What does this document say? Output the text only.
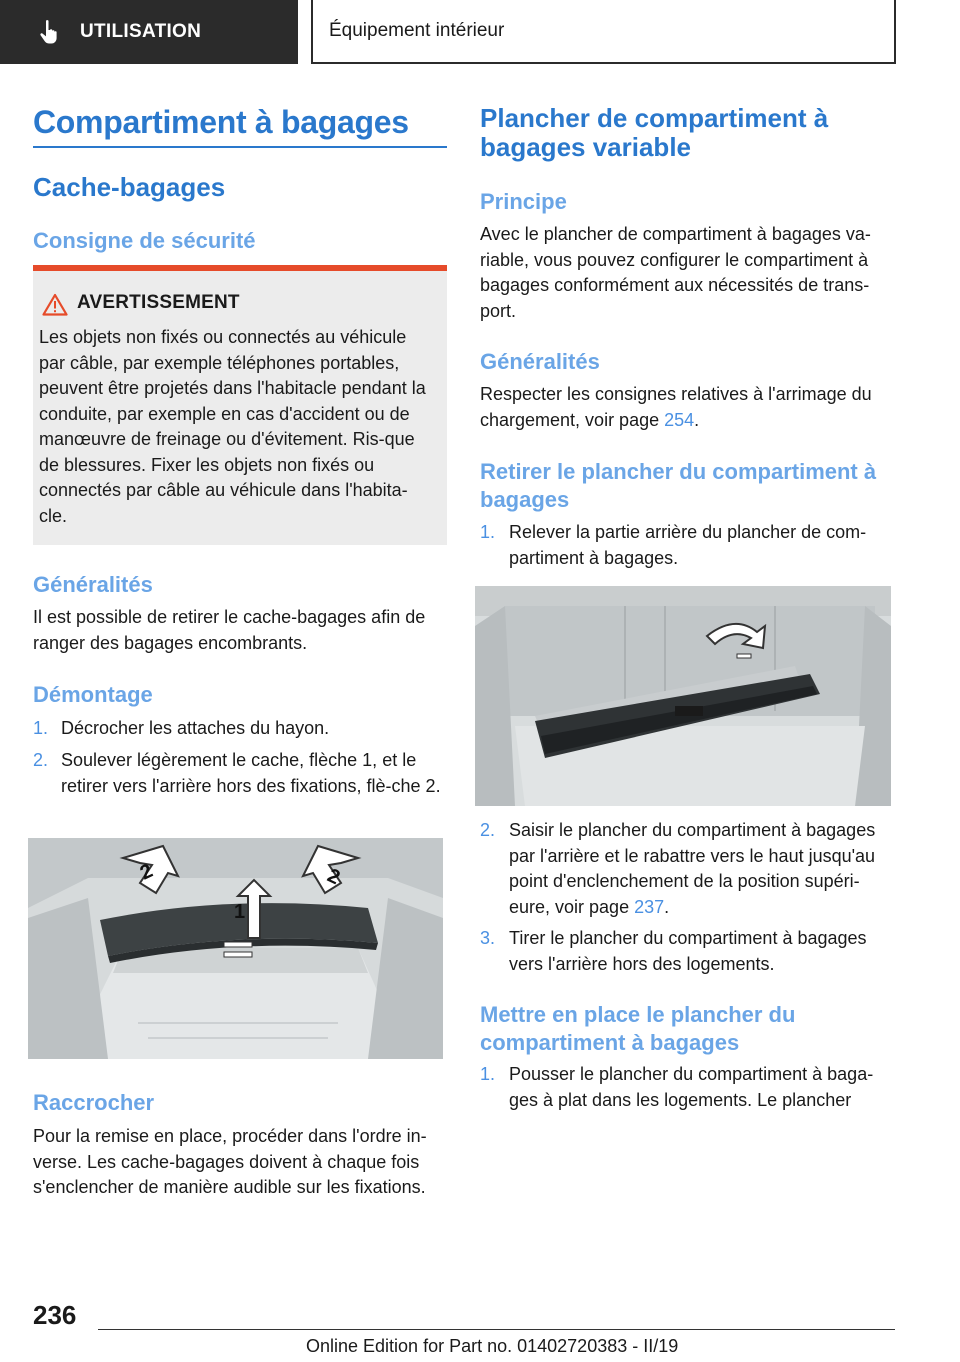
UTILISATION	Équipement intérieur
Compartiment à bagages
Cache-bagages
Consigne de sécurité
AVERTISSEMENT
Les objets non fixés ou connectés au véhicule par câble, par exemple téléphones portables, peuvent être projetés dans l'habitacle pendant la conduite, par exemple en cas d'accident ou de manœuvre de freinage ou d'évitement. Ris-que de blessures. Fixer les objets non fixés ou connectés par câble au véhicule dans l'habita-cle.
Généralités
Il est possible de retirer le cache-bagages afin de ranger des bagages encombrants.
Démontage
1. Décrocher les attaches du hayon.
2. Soulever légèrement le cache, flèche 1, et le retirer vers l'arrière hors des fixations, flè-che 2.
2
1
2
Raccrocher
Pour la remise en place, procéder dans l'ordre in-verse. Les cache-bagages doivent à chaque fois s'enclencher de manière audible sur les fixations.
Plancher de compartiment à bagages variable
Principe
Avec le plancher de compartiment à bagages va-riable, vous pouvez configurer le compartiment à bagages conformément aux nécessités de trans-port.
Généralités
Respecter les consignes relatives à l'arrimage du chargement, voir page 254.
Retirer le plancher du compartiment à bagages
1. Relever la partie arrière du plancher de com-partiment à bagages.
2. Saisir le plancher du compartiment à bagages par l'arrière et le rabattre vers le haut jusqu'au point d'enclenchement de la position supéri-eure, voir page 237.
3. Tirer le plancher du compartiment à bagages vers l'arrière hors des logements.
Mettre en place le plancher du compartiment à bagages
1. Pousser le plancher du compartiment à baga-ges à plat dans les logements. Le plancher
236
Online Edition for Part no. 01402720383 - II/19
